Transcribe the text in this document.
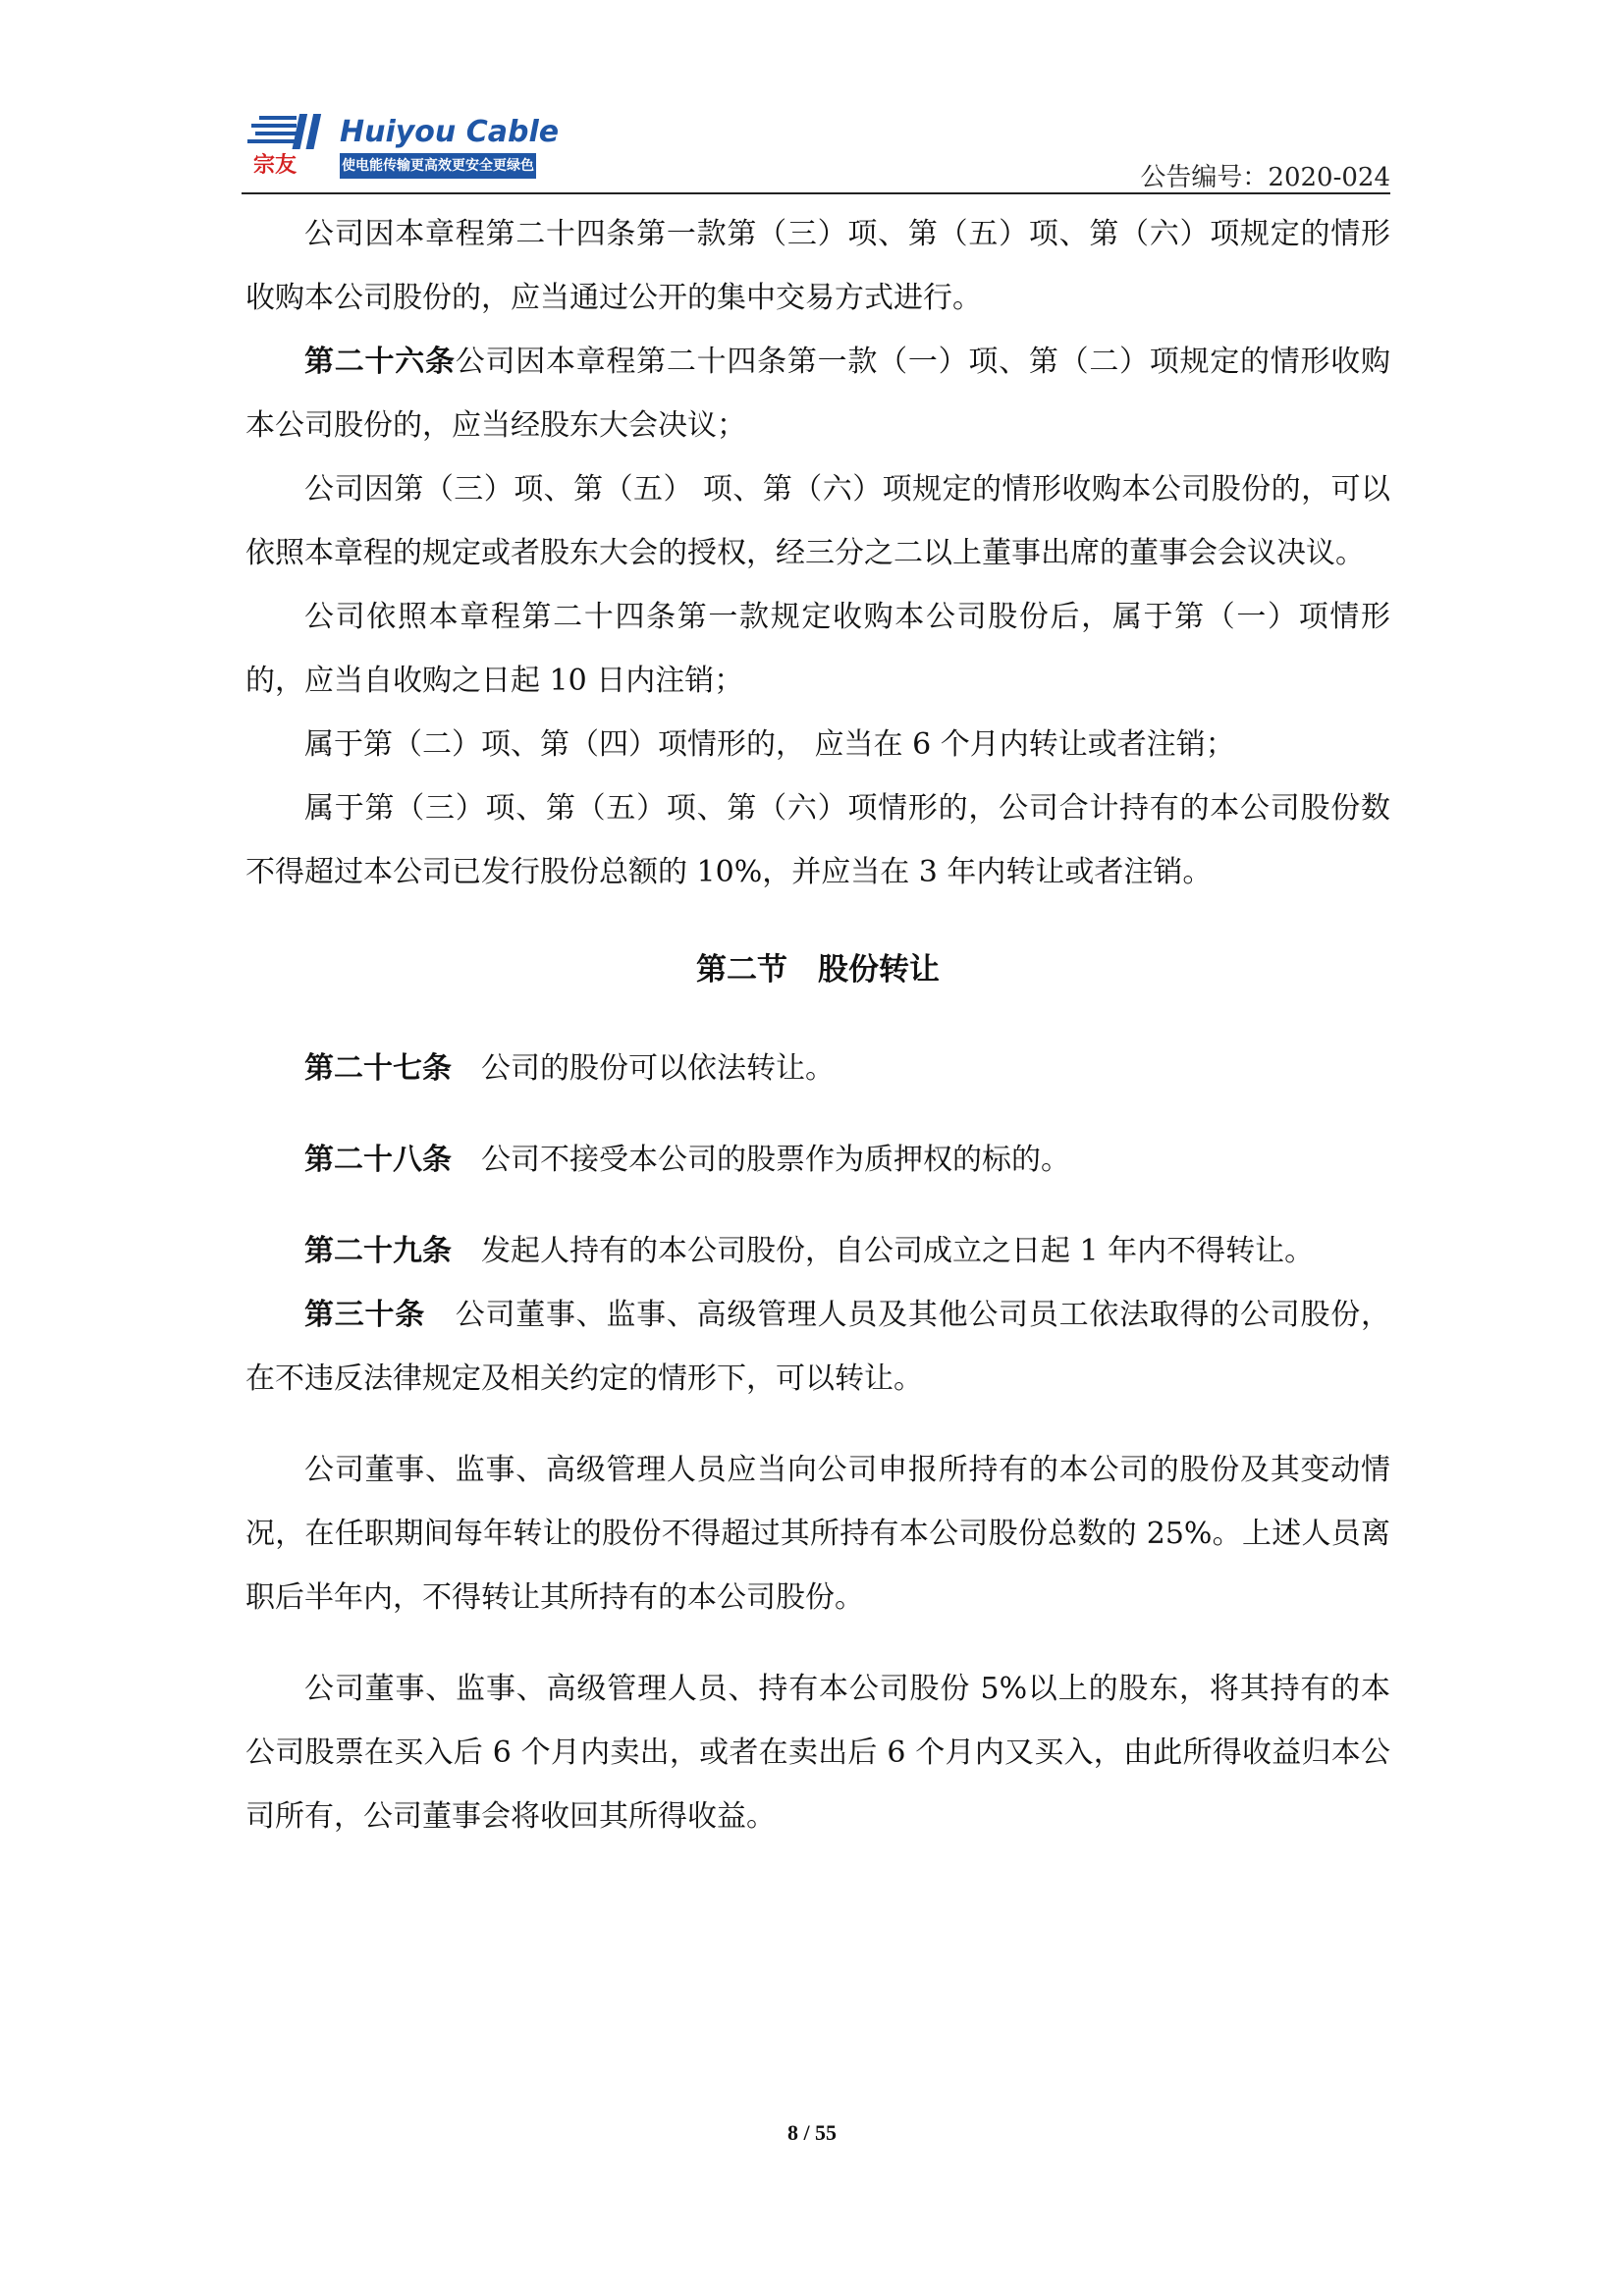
Huiyou Cable
宗友	使电能传输更高效更安全更绿色	公告编号：2020-024

公司因本章程第二十四条第一款第（三）项、第（五）项、第（六）项规定的情形收购本公司股份的，应当通过公开的集中交易方式进行。

第二十六条公司因本章程第二十四条第一款（一）项、第（二）项规定的情形收购本公司股份的，应当经股东大会决议；

公司因第（三）项、第（五） 项、第（六）项规定的情形收购本公司股份的，可以依照本章程的规定或者股东大会的授权，经三分之二以上董事出席的董事会会议决议。

公司依照本章程第二十四条第一款规定收购本公司股份后，属于第（一）项情形的，应当自收购之日起 10 日内注销；

属于第（二）项、第（四）项情形的， 应当在 6 个月内转让或者注销；

属于第（三）项、第（五）项、第（六）项情形的，公司合计持有的本公司股份数不得超过本公司已发行股份总额的 10%，并应当在 3 年内转让或者注销。

第二节　股份转让

第二十七条　公司的股份可以依法转让。

第二十八条　公司不接受本公司的股票作为质押权的标的。

第二十九条　发起人持有的本公司股份，自公司成立之日起 1 年内不得转让。

第三十条　公司董事、监事、高级管理人员及其他公司员工依法取得的公司股份，在不违反法律规定及相关约定的情形下，可以转让。

公司董事、监事、高级管理人员应当向公司申报所持有的本公司的股份及其变动情况，在任职期间每年转让的股份不得超过其所持有本公司股份总数的 25%。上述人员离职后半年内，不得转让其所持有的本公司股份。

公司董事、监事、高级管理人员、持有本公司股份 5%以上的股东，将其持有的本公司股票在买入后 6 个月内卖出，或者在卖出后 6 个月内又买入，由此所得收益归本公司所有，公司董事会将收回其所得收益。

8 / 55
